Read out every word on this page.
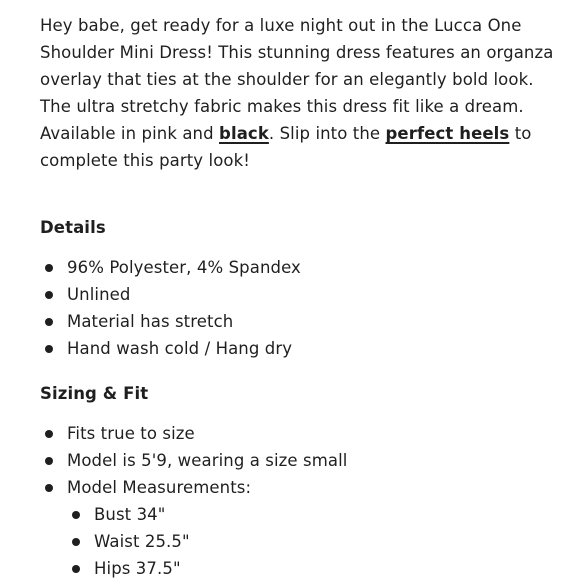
Hey babe, get ready for a luxe night out in the Lucca One Shoulder Mini Dress! This stunning dress features an organza overlay that ties at the shoulder for an elegantly bold look. The ultra stretchy fabric makes this dress fit like a dream. Available in pink and black. Slip into the perfect heels to complete this party look!

Details
96% Polyester, 4% Spandex
Unlined
Material has stretch
Hand wash cold / Hang dry
Sizing & Fit
Fits true to size
Model is 5'9, wearing a size small
Model Measurements:
Bust 34"
Waist 25.5"
Hips 37.5"
